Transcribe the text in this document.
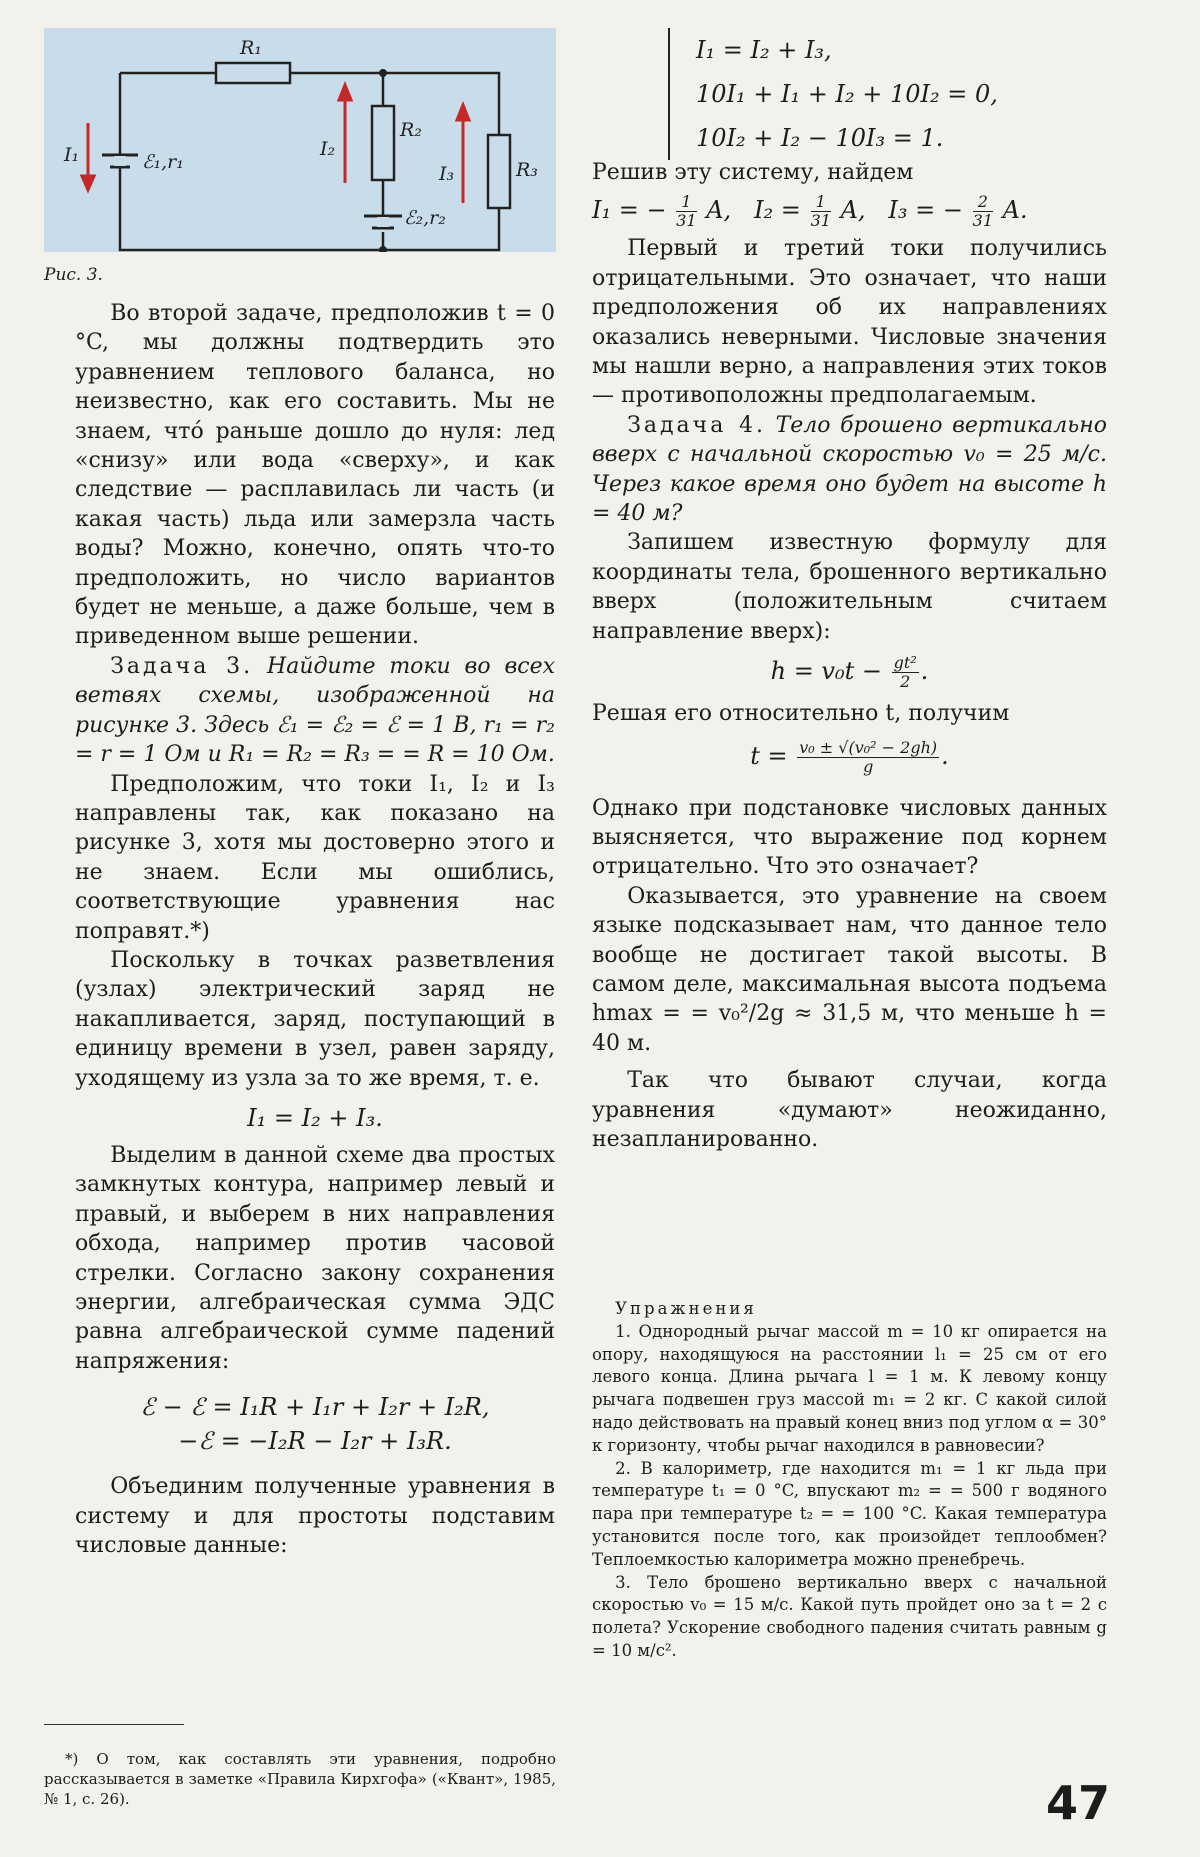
R₁
R₂
R₃
I₁	I₂
I₃
ℰ₁,r₁
ℰ₂,r₂
Рис. 3.

Во второй задаче, предположив t = 0 °C, мы должны подтвердить это уравнением теплового баланса, но неизвестно, как его составить. Мы не знаем, чтó раньше дошло до нуля: лед «снизу» или вода «сверху», и как следствие — расплавилась ли часть (и какая часть) льда или замерзла часть воды? Можно, конечно, опять что-то предположить, но число вариантов будет не меньше, а даже больше, чем в приведенном выше решении.

Задача 3. Найдите токи во всех ветвях схемы, изображенной на рисунке 3. Здесь ℰ₁ = ℰ₂ = ℰ = 1 В, r₁ = r₂ = r = 1 Ом и R₁ = R₂ = R₃ = = R = 10 Ом.

Предположим, что токи I₁, I₂ и I₃ направлены так, как показано на рисунке 3, хотя мы достоверно этого и не знаем. Если мы ошиблись, соответствующие уравнения нас поправят.*)

Поскольку в точках разветвления (узлах) электрический заряд не накапливается, заряд, поступающий в единицу времени в узел, равен заряду, уходящему из узла за то же время, т. е.

I₁ = I₂ + I₃.

Выделим в данной схеме два простых замкнутых контура, например левый и правый, и выберем в них направления обхода, например против часовой стрелки. Согласно закону сохранения энергии, алгебраическая сумма ЭДС равна алгебраической сумме падений напряжения:

ℰ − ℰ = I₁R + I₁r + I₂r + I₂R,

−ℰ = −I₂R − I₂r + I₃R.

Объединим полученные уравнения в систему и для простоты подставим числовые данные:

*) О том, как составлять эти уравнения, подробно рассказывается в заметке «Правила Кирхгофа» («Квант», 1985, № 1, с. 26).

I₁ = I₂ + I₃,

10I₁ + I₁ + I₂ + 10I₂ = 0,

10I₂ + I₂ − 10I₃ = 1.

Решив эту систему, найдем

I₁ = − $\frac{1}{31} A$, $I_2 = \frac{1}{31} A$, I₃ = − $\frac{2}{31} A$.

Первый и третий токи получились отрицательными. Это означает, что наши предположения об их направлениях оказались неверными. Числовые значения мы нашли верно, а направления этих токов — противоположны предполагаемым.

Задача 4. Тело брошено вертикально вверх с начальной скоростью v₀ = 25 м/с. Через какое время оно будет на высоте h = 40 м?

Запишем известную формулу для координаты тела, брошенного вертикально вверх (положительным считаем направление вверх):

$h = v_0t - \frac{\text{gt²}}{2}$ .

Решая его относительно t, получим

$t = \frac{\text{v₀ ± √(v₀² − 2gh)}}{g}$ .

Однако при подстановке числовых данных выясняется, что выражение под корнем отрицательно. Что это означает?

Оказывается, это уравнение на своем языке подсказывает нам, что данное тело вообще не достигает такой высоты. В самом деле, максимальная высота подъема hmax = = v₀²/2g ≈ 31,5 м, что меньше h = 40 м.

Так что бывают случаи, когда уравнения «думают» неожиданно, незапланированно.

Упражнения

1. Однородный рычаг массой m = 10 кг опирается на опору, находящуюся на расстоянии l₁ = 25 см от его левого конца. Длина рычага l = 1 м. К левому концу рычага подвешен груз массой m₁ = 2 кг. С какой силой надо действовать на правый конец вниз под углом α = 30° к горизонту, чтобы рычаг находился в равновесии?

2. В калориметр, где находится m₁ = 1 кг льда при температуре t₁ = 0 °C, впускают m₂ = = 500 г водяного пара при температуре t₂ = = 100 °C. Какая температура установится после того, как произойдет теплообмен? Теплоемкостью калориметра можно пренебречь.

3. Тело брошено вертикально вверх с начальной скоростью v₀ = 15 м/с. Какой путь пройдет оно за t = 2 с полета? Ускорение свободного падения считать равным g = 10 м/с².

47
